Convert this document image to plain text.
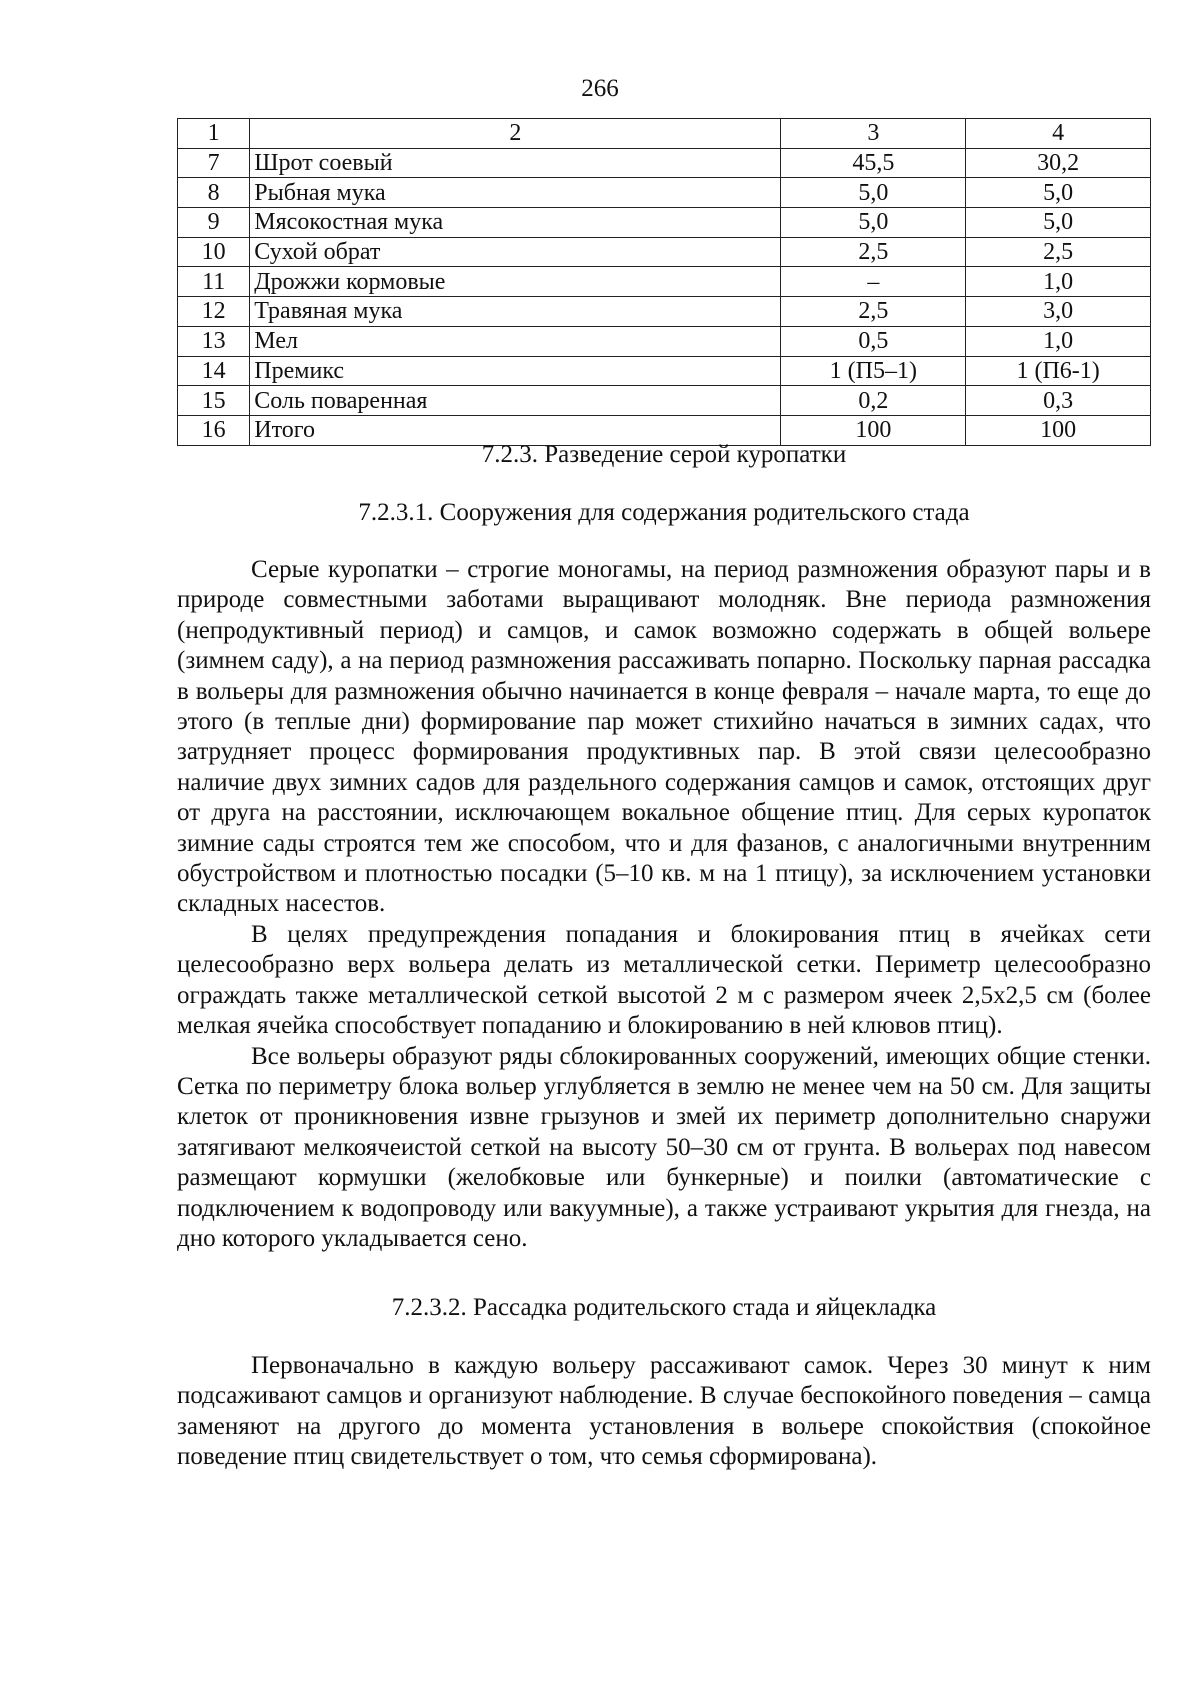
266
1	2	3	4
7	Шрот соевый	45,5	30,2
8	Рыбная мука	5,0	5,0
9	Мясокостная мука	5,0	5,0
10	Сухой обрат	2,5	2,5
11	Дрожжи кормовые	–	1,0
12	Травяная мука	2,5	3,0
13	Мел	0,5	1,0
14	Премикс	1 (П5–1)	1 (П6-1)
15	Соль поваренная	0,2	0,3
16	Итого	100	100
7.2.3. Разведение серой куропатки
7.2.3.1. Сооружения для содержания родительского стада

Серые куропатки – строгие моногамы, на период размножения образуют пары и в природе совместными заботами выращивают молодняк. Вне периода размножения (непродуктивный период) и самцов, и самок возможно содержать в общей вольере (зимнем саду), а на период размножения рассаживать попарно. Поскольку парная рассадка в вольеры для размножения обычно начинается в конце февраля – начале марта, то еще до этого (в теплые дни) формирование пар может стихийно начаться в зимних садах, что затрудняет процесс формирования продуктивных пар. В этой связи целесообразно наличие двух зимних садов для раздельного содержания самцов и самок, отстоящих друг от друга на расстоянии, исключающем вокальное общение птиц. Для серых куропаток зимние сады строятся тем же способом, что и для фазанов, с аналогичными внутренним обустройством и плотностью посадки (5–10 кв. м на 1 птицу), за исключением установки складных насестов.

В целях предупреждения попадания и блокирования птиц в ячейках сети целесообразно верх вольера делать из металлической сетки. Периметр целесообразно ограждать также металлической сеткой высотой 2 м с размером ячеек 2,5х2,5 см (более мелкая ячейка способствует попаданию и блокированию в ней клювов птиц).

Все вольеры образуют ряды сблокированных сооружений, имеющих общие стенки. Сетка по периметру блока вольер углубляется в землю не менее чем на 50 см. Для защиты клеток от проникновения извне грызунов и змей их периметр дополнительно снаружи затягивают мелкоячеистой сеткой на высоту 50–30 см от грунта. В вольерах под навесом размещают кормушки (желобковые или бункерные) и поилки (автоматические с подключением к водопроводу или вакуумные), а также устраивают укрытия для гнезда, на дно которого укладывается сено.

7.2.3.2. Рассадка родительского стада и яйцекладка

Первоначально в каждую вольеру рассаживают самок. Через 30 минут к ним подсаживают самцов и организуют наблюдение. В случае беспокойного поведения – самца заменяют на другого до момента установления в вольере спокойствия (спокойное поведение птиц свидетельствует о том, что семья сформирована).
